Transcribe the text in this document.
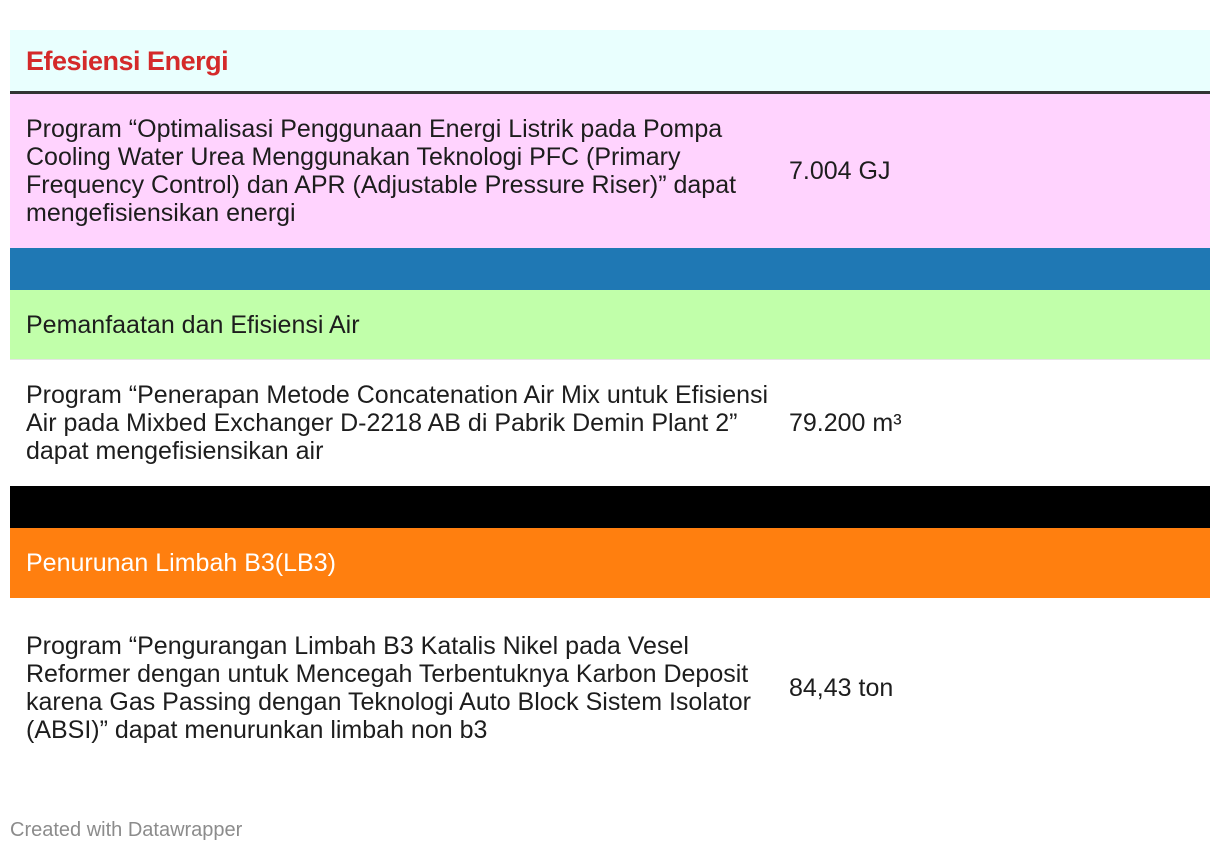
Efesiensi Energi
Program “Optimalisasi Penggunaan Energi Listrik pada Pompa Cooling Water Urea Menggunakan Teknologi PFC (Primary Frequency Control) dan APR (Adjustable Pressure Riser)” dapat mengefisiensikan energi
7.004 GJ
Pemanfaatan dan Efisiensi Air
Program “Penerapan Metode Concatenation Air Mix untuk Efisiensi Air pada Mixbed Exchanger D-2218 AB di Pabrik Demin Plant 2” dapat mengefisiensikan air
79.200 m³
Penurunan Limbah B3(LB3)
Program “Pengurangan Limbah B3 Katalis Nikel pada Vesel Reformer dengan untuk Mencegah Terbentuknya Karbon Deposit karena Gas Passing dengan Teknologi Auto Block Sistem Isolator (ABSI)” dapat menurunkan limbah non b3
84,43 ton
Created with Datawrapper
